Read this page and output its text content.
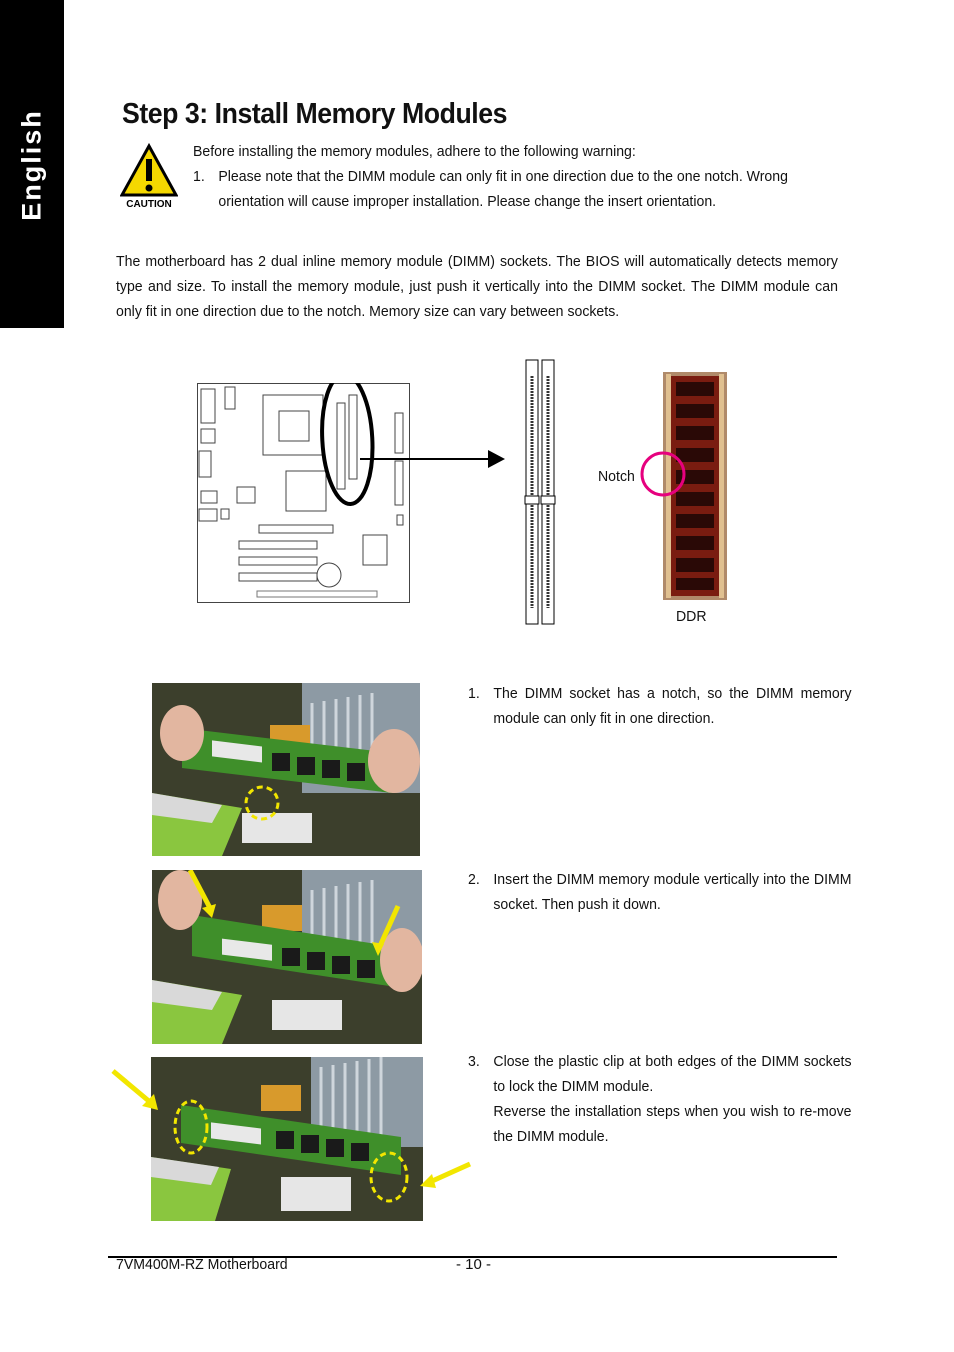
English	Step 3: Install Memory Modules
CAUTION
Before installing the memory modules, adhere to the following warning:
1. Please note that the DIMM module can only fit in one direction due to the one notch. Wrong orientation will cause improper installation. Please change the insert orientation.
The motherboard has 2 dual inline memory module (DIMM) sockets. The BIOS will automatically detects memory type and size. To install the memory module, just push it vertically into the DIMM socket. The DIMM module can only fit in one direction due to the notch. Memory size can vary between sockets.
Notch
DDR
1. The DIMM socket has a notch, so the DIMM memory module can only fit in one direction.
2. Insert the DIMM memory module vertically into the DIMM socket. Then push it down.
3. Close the plastic clip at both edges of the DIMM sockets to lock the DIMM module.
Reverse the installation steps when you wish to re-move the DIMM module.
7VM400M-RZ Motherboard	- 10 -
